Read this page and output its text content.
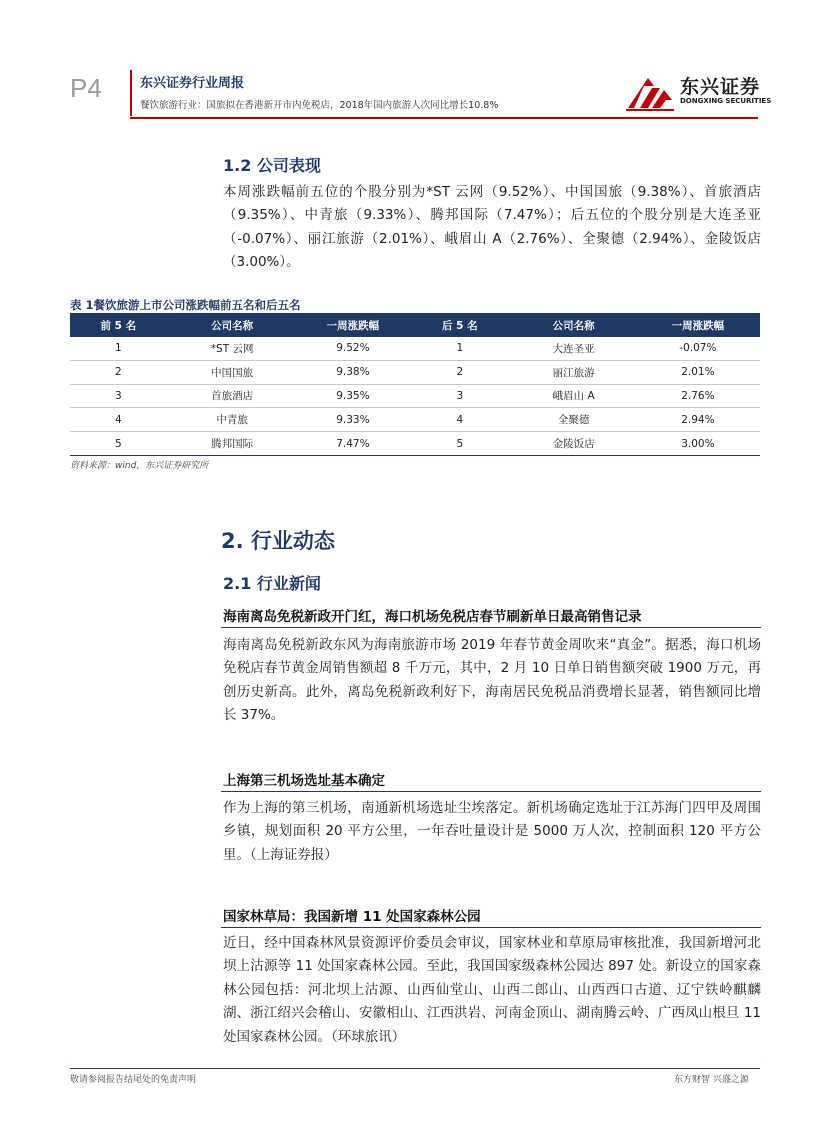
P4	东兴证券行业周报
餐饮旅游行业：国旅拟在香港新开市内免税店，2018年国内旅游人次同比增长10.8%
东兴证券
DONGXING SECURITIES
1.2 公司表现
本周涨跌幅前五位的个股分别为*ST 云网（9.52%）、中国国旅（9.38%）、首旅酒店（9.35%）、中青旅（9.33%）、腾邦国际（7.47%）；后五位的个股分别是大连圣亚（-0.07%）、丽江旅游（2.01%）、峨眉山 A（2.76%）、全聚德（2.94%）、金陵饭店（3.00%）。
表 1餐饮旅游上市公司涨跌幅前五名和后五名
前 5 名	公司名称	一周涨跌幅	后 5 名	公司名称	一周涨跌幅
1	*ST 云网	9.52%	1	大连圣亚	-0.07%
2	中国国旅	9.38%	2	丽江旅游	2.01%
3	首旅酒店	9.35%	3	峨眉山 A	2.76%
4	中青旅	9.33%	4	全聚德	2.94%
5	腾邦国际	7.47%	5	金陵饭店	3.00%
资料来源：wind，东兴证券研究所
2. 行业动态
2.1 行业新闻
海南离岛免税新政开门红，海口机场免税店春节刷新单日最高销售记录
海南离岛免税新政东风为海南旅游市场 2019 年春节黄金周吹来“真金”。据悉，海口机场免税店春节黄金周销售额超 8 千万元，其中，2 月 10 日单日销售额突破 1900 万元，再创历史新高。此外，离岛免税新政利好下，海南居民免税品消费增长显著，销售额同比增长 37%。
上海第三机场选址基本确定
作为上海的第三机场，南通新机场选址尘埃落定。新机场确定选址于江苏海门四甲及周围乡镇，规划面积 20 平方公里，一年吞吐量设计是 5000 万人次，控制面积 120 平方公里。（上海证券报）
国家林草局：我国新增 11 处国家森林公园
近日，经中国森林风景资源评价委员会审议，国家林业和草原局审核批准，我国新增河北坝上沽源等 11 处国家森林公园。至此，我国国家级森林公园达 897 处。新设立的国家森林公园包括：河北坝上沽源、山西仙堂山、山西二郎山、山西西口古道、辽宁铁岭麒麟湖、浙江绍兴会稽山、安徽相山、江西洪岩、河南金顶山、湖南腾云岭、广西凤山根旦 11 处国家森林公园。（环球旅讯）
敬请参阅报告结尾处的免责声明	东方财智 兴盛之源
